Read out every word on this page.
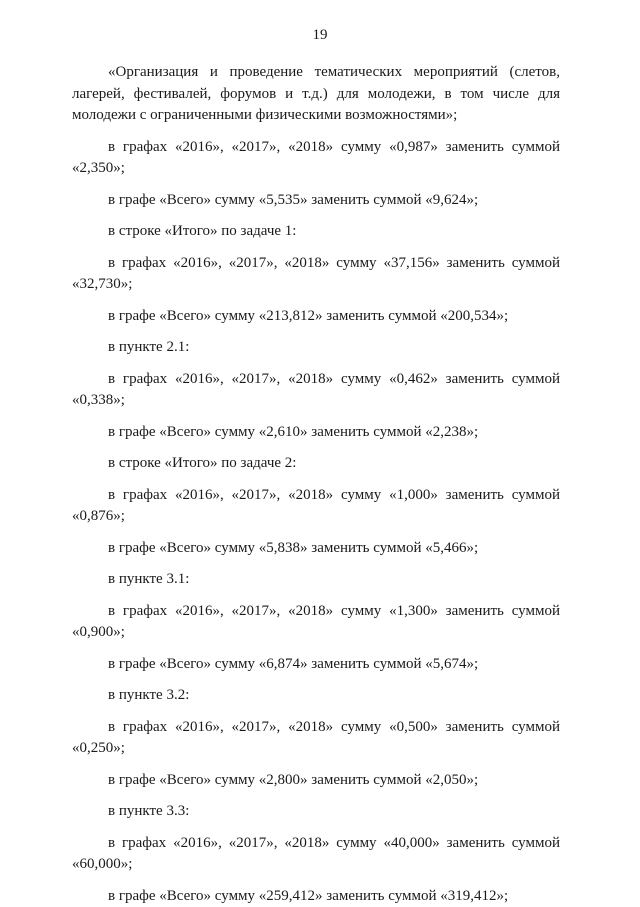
19

«Организация и проведение тематических мероприятий (слетов, лагерей, фестивалей, форумов и т.д.) для молодежи, в том числе для молодежи с ограниченными физическими возможностями»;

в графах «2016», «2017», «2018» сумму «0,987» заменить суммой «2,350»;

в графе «Всего» сумму «5,535» заменить суммой «9,624»;

в строке «Итого» по задаче 1:

в графах «2016», «2017», «2018» сумму «37,156» заменить суммой «32,730»;

в графе «Всего» сумму «213,812» заменить суммой «200,534»;

в пункте 2.1:

в графах «2016», «2017», «2018» сумму «0,462» заменить суммой «0,338»;

в графе «Всего» сумму «2,610» заменить суммой «2,238»;

в строке «Итого» по задаче 2:

в графах «2016», «2017», «2018» сумму «1,000» заменить суммой «0,876»;

в графе «Всего» сумму «5,838» заменить суммой «5,466»;

в пункте 3.1:

в графах «2016», «2017», «2018» сумму «1,300» заменить суммой «0,900»;

в графе «Всего» сумму «6,874» заменить суммой «5,674»;

в пункте 3.2:

в графах «2016», «2017», «2018» сумму «0,500» заменить суммой «0,250»;

в графе «Всего» сумму «2,800» заменить суммой «2,050»;

в пункте 3.3:

в графах «2016», «2017», «2018» сумму «40,000» заменить суммой «60,000»;

в графе «Всего» сумму «259,412» заменить суммой «319,412»;
